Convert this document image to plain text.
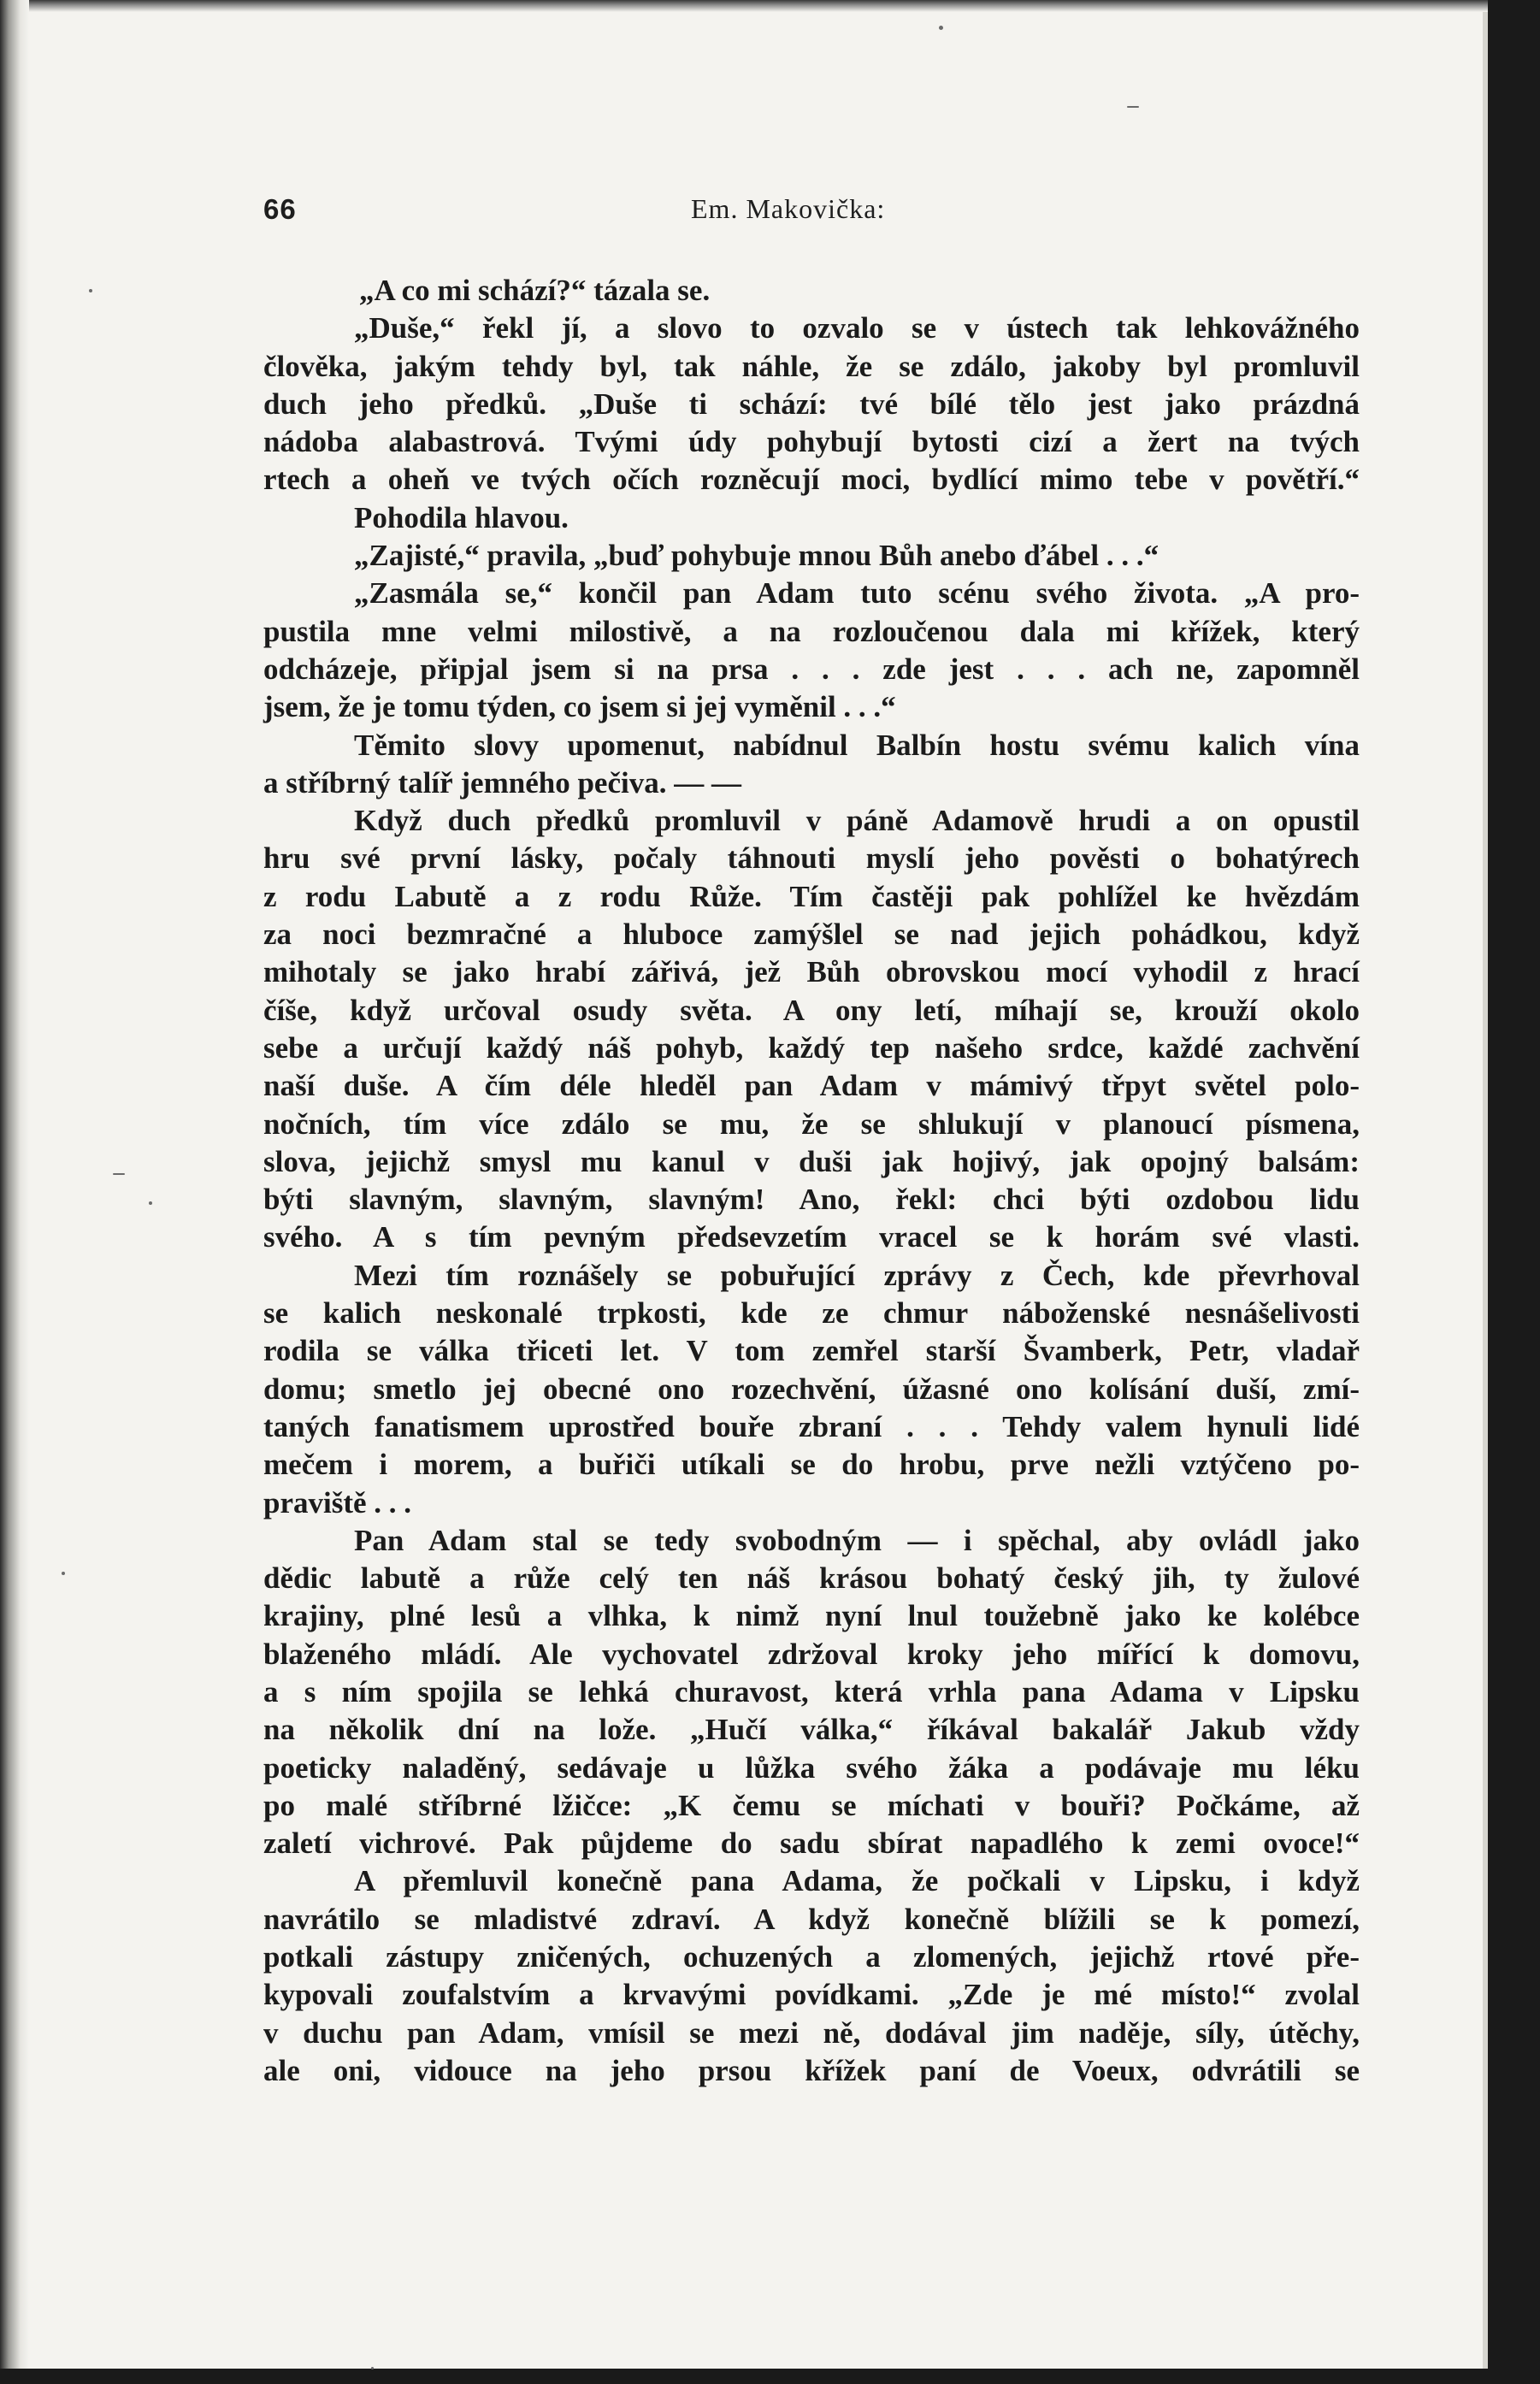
66	Em. Makovička:
„A co mi schází?“ tázala se.
„Duše,“ řekl jí, a slovo to ozvalo se v ústech tak lehkovážného
člověka, jakým tehdy byl, tak náhle, že se zdálo, jakoby byl promluvil
duch jeho předků. „Duše ti schází: tvé bílé tělo jest jako prázdná
nádoba alabastrová. Tvými údy pohybují bytosti cizí a žert na tvých
rtech a oheň ve tvých očích rozněcují moci, bydlící mimo tebe v povětří.“
Pohodila hlavou.
„Zajisté,“ pravila, „buď pohybuje mnou Bůh anebo ďábel . . .“
„Zasmála se,“ končil pan Adam tuto scénu svého života. „A pro-
pustila mne velmi milostivě, a na rozloučenou dala mi křížek, který
odcházeje, připjal jsem si na prsa . . . zde jest . . . ach ne, zapomněl
jsem, že je tomu týden, co jsem si jej vyměnil . . .“
Těmito slovy upomenut, nabídnul Balbín hostu svému kalich vína
a stříbrný talíř jemného pečiva. — —
Když duch předků promluvil v páně Adamově hrudi a on opustil
hru své první lásky, počaly táhnouti myslí jeho pověsti o bohatýrech
z rodu Labutě a z rodu Růže. Tím častěji pak pohlížel ke hvězdám
za noci bezmračné a hluboce zamýšlel se nad jejich pohádkou, když
mihotaly se jako hrabí zářivá, jež Bůh obrovskou mocí vyhodil z hrací
číše, když určoval osudy světa. A ony letí, míhají se, krouží okolo
sebe a určují každý náš pohyb, každý tep našeho srdce, každé zachvění
naší duše. A čím déle hleděl pan Adam v mámivý třpyt světel polo-
nočních, tím více zdálo se mu, že se shlukují v planoucí písmena,
slova, jejichž smysl mu kanul v duši jak hojivý, jak opojný balsám:
býti slavným, slavným, slavným! Ano, řekl: chci býti ozdobou lidu
svého. A s tím pevným předsevzetím vracel se k horám své vlasti.
Mezi tím roznášely se pobuřující zprávy z Čech, kde převrhoval
se kalich neskonalé trpkosti, kde ze chmur náboženské nesnášelivosti
rodila se válka třiceti let. V tom zemřel starší Švamberk, Petr, vladař
domu; smetlo jej obecné ono rozechvění, úžasné ono kolísání duší, zmí-
taných fanatismem uprostřed bouře zbraní . . . Tehdy valem hynuli lidé
mečem i morem, a buřiči utíkali se do hrobu, prve nežli vztýčeno po-
praviště . . .
Pan Adam stal se tedy svobodným — i spěchal, aby ovládl jako
dědic labutě a růže celý ten náš krásou bohatý český jih, ty žulové
krajiny, plné lesů a vlhka, k nimž nyní lnul toužebně jako ke kolébce
blaženého mládí. Ale vychovatel zdržoval kroky jeho mířící k domovu,
a s ním spojila se lehká churavost, která vrhla pana Adama v Lipsku
na několik dní na lože. „Hučí válka,“ říkával bakalář Jakub vždy
poeticky naladěný, sedávaje u lůžka svého žáka a podávaje mu léku
po malé stříbrné lžičce: „K čemu se míchati v bouři? Počkáme, až
zaletí vichrové. Pak půjdeme do sadu sbírat napadlého k zemi ovoce!“
A přemluvil konečně pana Adama, že počkali v Lipsku, i když
navrátilo se mladistvé zdraví. A když konečně blížili se k pomezí,
potkali zástupy zničených, ochuzených a zlomených, jejichž rtové pře-
kypovali zoufalstvím a krvavými povídkami. „Zde je mé místo!“ zvolal
v duchu pan Adam, vmísil se mezi ně, dodával jim naděje, síly, útěchy,
ale oni, vidouce na jeho prsou křížek paní de Voeux, odvrátili se
